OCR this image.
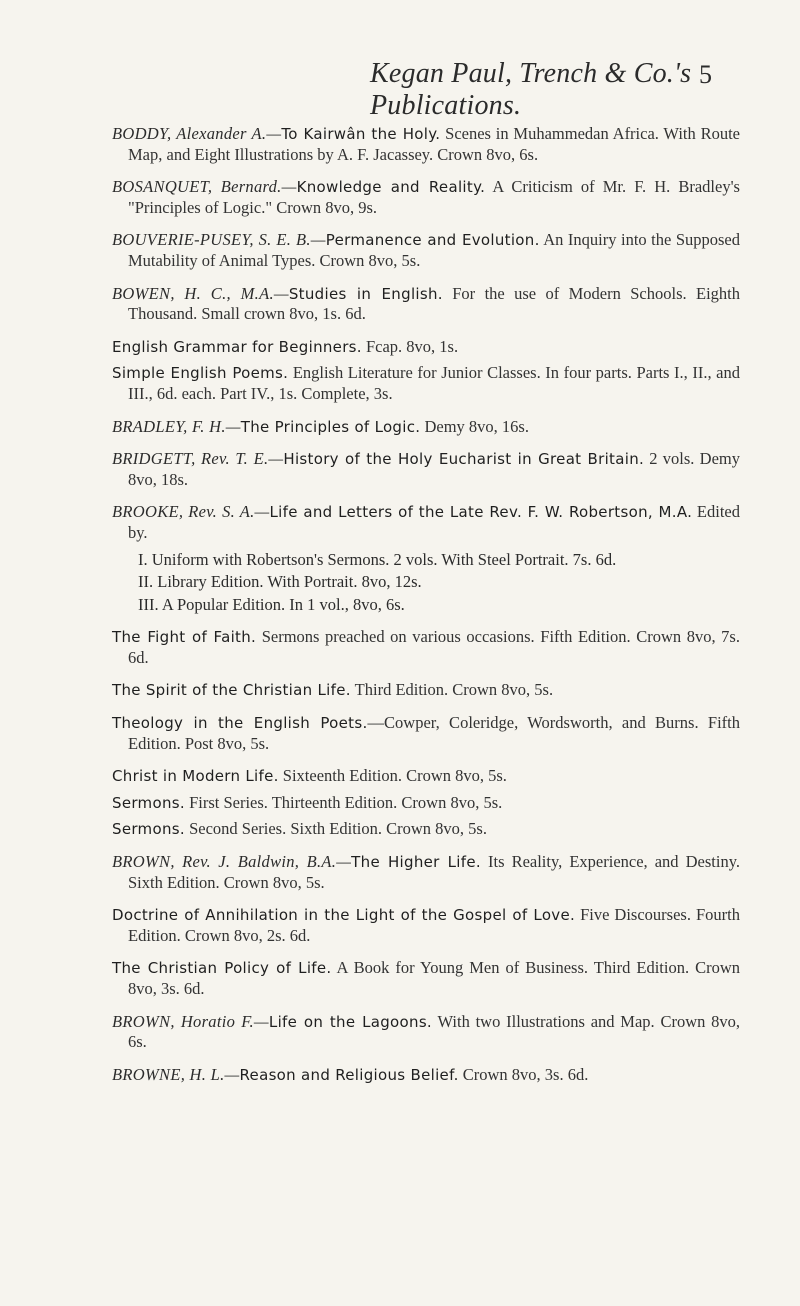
Kegan Paul, Trench & Co.'s Publications.
5

BODDY, Alexander A.—To Kairwân the Holy. Scenes in Muhammedan Africa. With Route Map, and Eight Illustrations by A. F. Jacassey. Crown 8vo, 6s.

BOSANQUET, Bernard.—Knowledge and Reality. A Criticism of Mr. F. H. Bradley's "Principles of Logic." Crown 8vo, 9s.

BOUVERIE-PUSEY, S. E. B.—Permanence and Evolution. An Inquiry into the Supposed Mutability of Animal Types. Crown 8vo, 5s.

BOWEN, H. C., M.A.—Studies in English. For the use of Modern Schools. Eighth Thousand. Small crown 8vo, 1s. 6d.

English Grammar for Beginners. Fcap. 8vo, 1s.

Simple English Poems. English Literature for Junior Classes. In four parts. Parts I., II., and III., 6d. each. Part IV., 1s. Complete, 3s.

BRADLEY, F. H.—The Principles of Logic. Demy 8vo, 16s.

BRIDGETT, Rev. T. E.—History of the Holy Eucharist in Great Britain. 2 vols. Demy 8vo, 18s.

BROOKE, Rev. S. A.—Life and Letters of the Late Rev. F. W. Robertson, M.A. Edited by.

I. Uniform with Robertson's Sermons. 2 vols. With Steel Portrait. 7s. 6d.

II. Library Edition. With Portrait. 8vo, 12s.

III. A Popular Edition. In 1 vol., 8vo, 6s.

The Fight of Faith. Sermons preached on various occasions. Fifth Edition. Crown 8vo, 7s. 6d.

The Spirit of the Christian Life. Third Edition. Crown 8vo, 5s.

Theology in the English Poets.—Cowper, Coleridge, Wordsworth, and Burns. Fifth Edition. Post 8vo, 5s.

Christ in Modern Life. Sixteenth Edition. Crown 8vo, 5s.

Sermons. First Series. Thirteenth Edition. Crown 8vo, 5s.

Sermons. Second Series. Sixth Edition. Crown 8vo, 5s.

BROWN, Rev. J. Baldwin, B.A.—The Higher Life. Its Reality, Experience, and Destiny. Sixth Edition. Crown 8vo, 5s.

Doctrine of Annihilation in the Light of the Gospel of Love. Five Discourses. Fourth Edition. Crown 8vo, 2s. 6d.

The Christian Policy of Life. A Book for Young Men of Business. Third Edition. Crown 8vo, 3s. 6d.

BROWN, Horatio F.—Life on the Lagoons. With two Illustrations and Map. Crown 8vo, 6s.

BROWNE, H. L.—Reason and Religious Belief. Crown 8vo, 3s. 6d.
